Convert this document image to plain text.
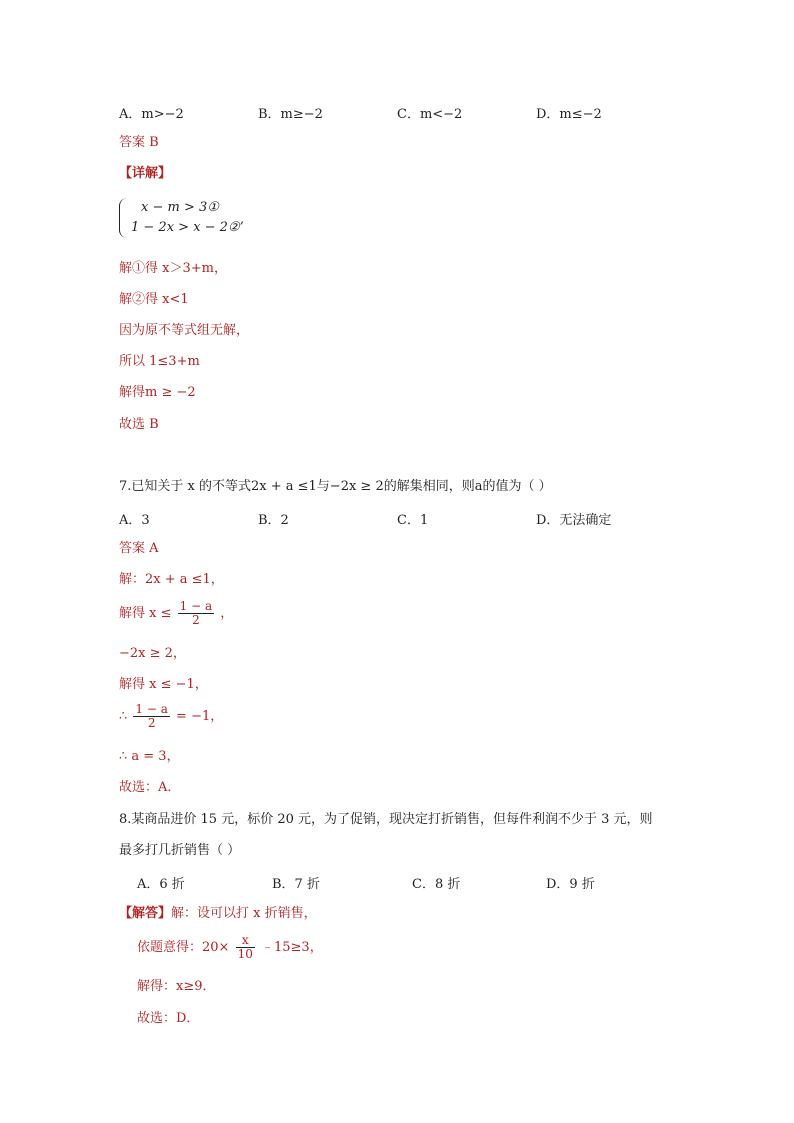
A．m>−2	B．m≥−2	C．m<−2	D．m≤−2
答案 B
【详解】
x − m > 3①
1 − 2x > x − 2②’
解①得 x＞3+m，
解②得 x<1
因为原不等式组无解，
所以 1≤3+m
解得m ≥ −2
故选 B
7.已知关于 x 的不等式2x + a ≤1与−2x ≥ 2的解集相同，则a的值为（ ）
A．3	B．2	C．1	D．无法确定
答案 A
解：2x + a ≤1，
解得 $x \le \frac{1 - a}{2}$ ，
−2x ≥ 2，
解得 x ≤ −1，
∴ $\frac{1 - a}{2} = -1$，
∴ a = 3，
故选：A．
8.某商品进价 15 元，标价 20 元，为了促销，现决定打折销售，但每件利润不少于 3 元，则
最多打几折销售（ ）
A．6 折	B．7 折	C．8 折	D．9 折
【解答】解：设可以打 x 折销售，
依题意得：$20\times \frac{x}{10}$ ﹣15≥3，
解得：x≥9．
故选：D．
